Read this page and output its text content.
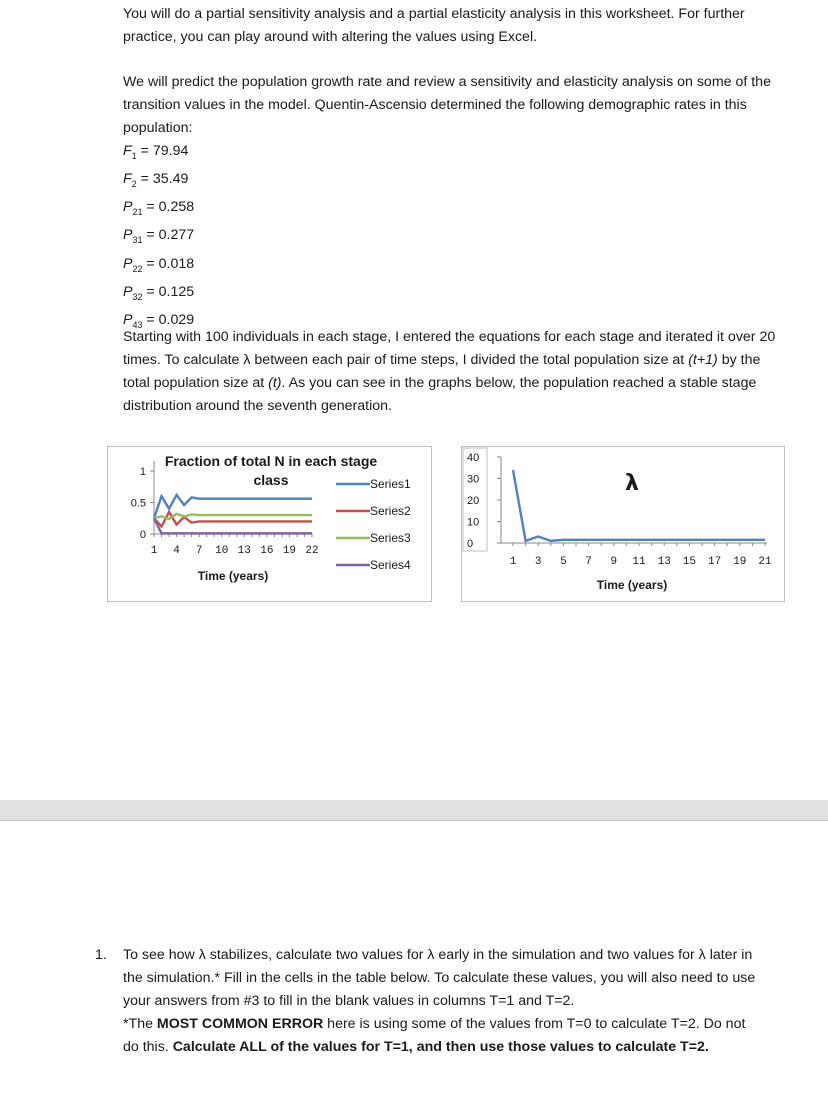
You will do a partial sensitivity analysis and a partial elasticity analysis in this worksheet. For further practice, you can play around with altering the values using Excel.

We will predict the population growth rate and review a sensitivity and elasticity analysis on some of the transition values in the model. Quentin-Ascensio determined the following demographic rates in this population:

$F_1 = 79.94$
$F_2 = 35.49$
$P_{21} = 0.258$
$P_{31} = 0.277$
$P_{22} = 0.018$
$P_{32} = 0.125$
$P_{43} = 0.029$

Starting with 100 individuals in each stage, I entered the equations for each stage and iterated it over 20 times. To calculate λ between each pair of time steps, I divided the total population size at (t+1) by the total population size at (t). As you can see in the graphs below, the population reached a stable stage distribution around the seventh generation.

Fraction of total N in each stage
class
0
0.5
1
1 4 7 10 13 16 19 22
Series1
Series2
Series3
Series4
Time (years)
0
10
20
30
40
1 3 5 7 9 11 13 15 17 19 21
λ
Time (years)
1. To see how λ stabilizes, calculate two values for λ early in the simulation and two values for λ later in the simulation.* Fill in the cells in the table below. To calculate these values, you will also need to use your answers from #3 to fill in the blank values in columns T=1 and T=2.
*The MOST COMMON ERROR here is using some of the values from T=0 to calculate T=2. Do not do this. Calculate ALL of the values for T=1, and then use those values to calculate T=2.
